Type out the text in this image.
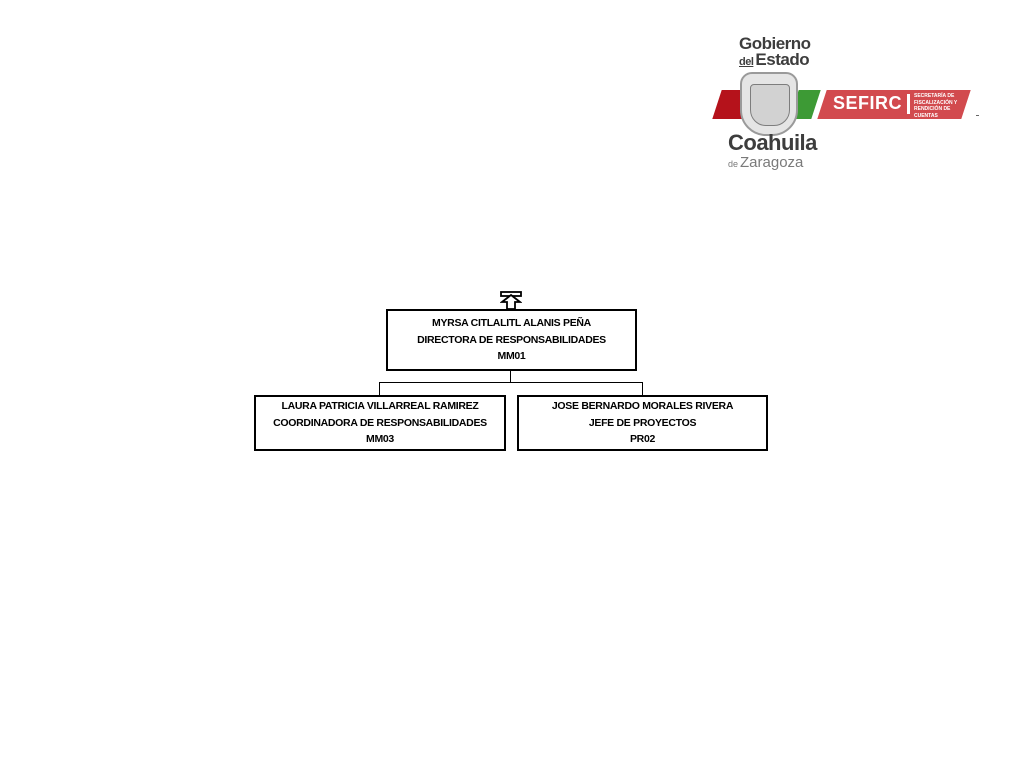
Gobierno
del Estado
SEFIRC SECRETARÍA DE FISCALIZACIÓN Y RENDICIÓN DE CUENTAS
Coahuila
de Zaragoza
MYRSA CITLALITL ALANIS PEÑA
DIRECTORA DE RESPONSABILIDADES
MM01
LAURA PATRICIA VILLARREAL RAMIREZ
COORDINADORA DE RESPONSABILIDADES
MM03
JOSE BERNARDO MORALES RIVERA
JEFE DE PROYECTOS
PR02
